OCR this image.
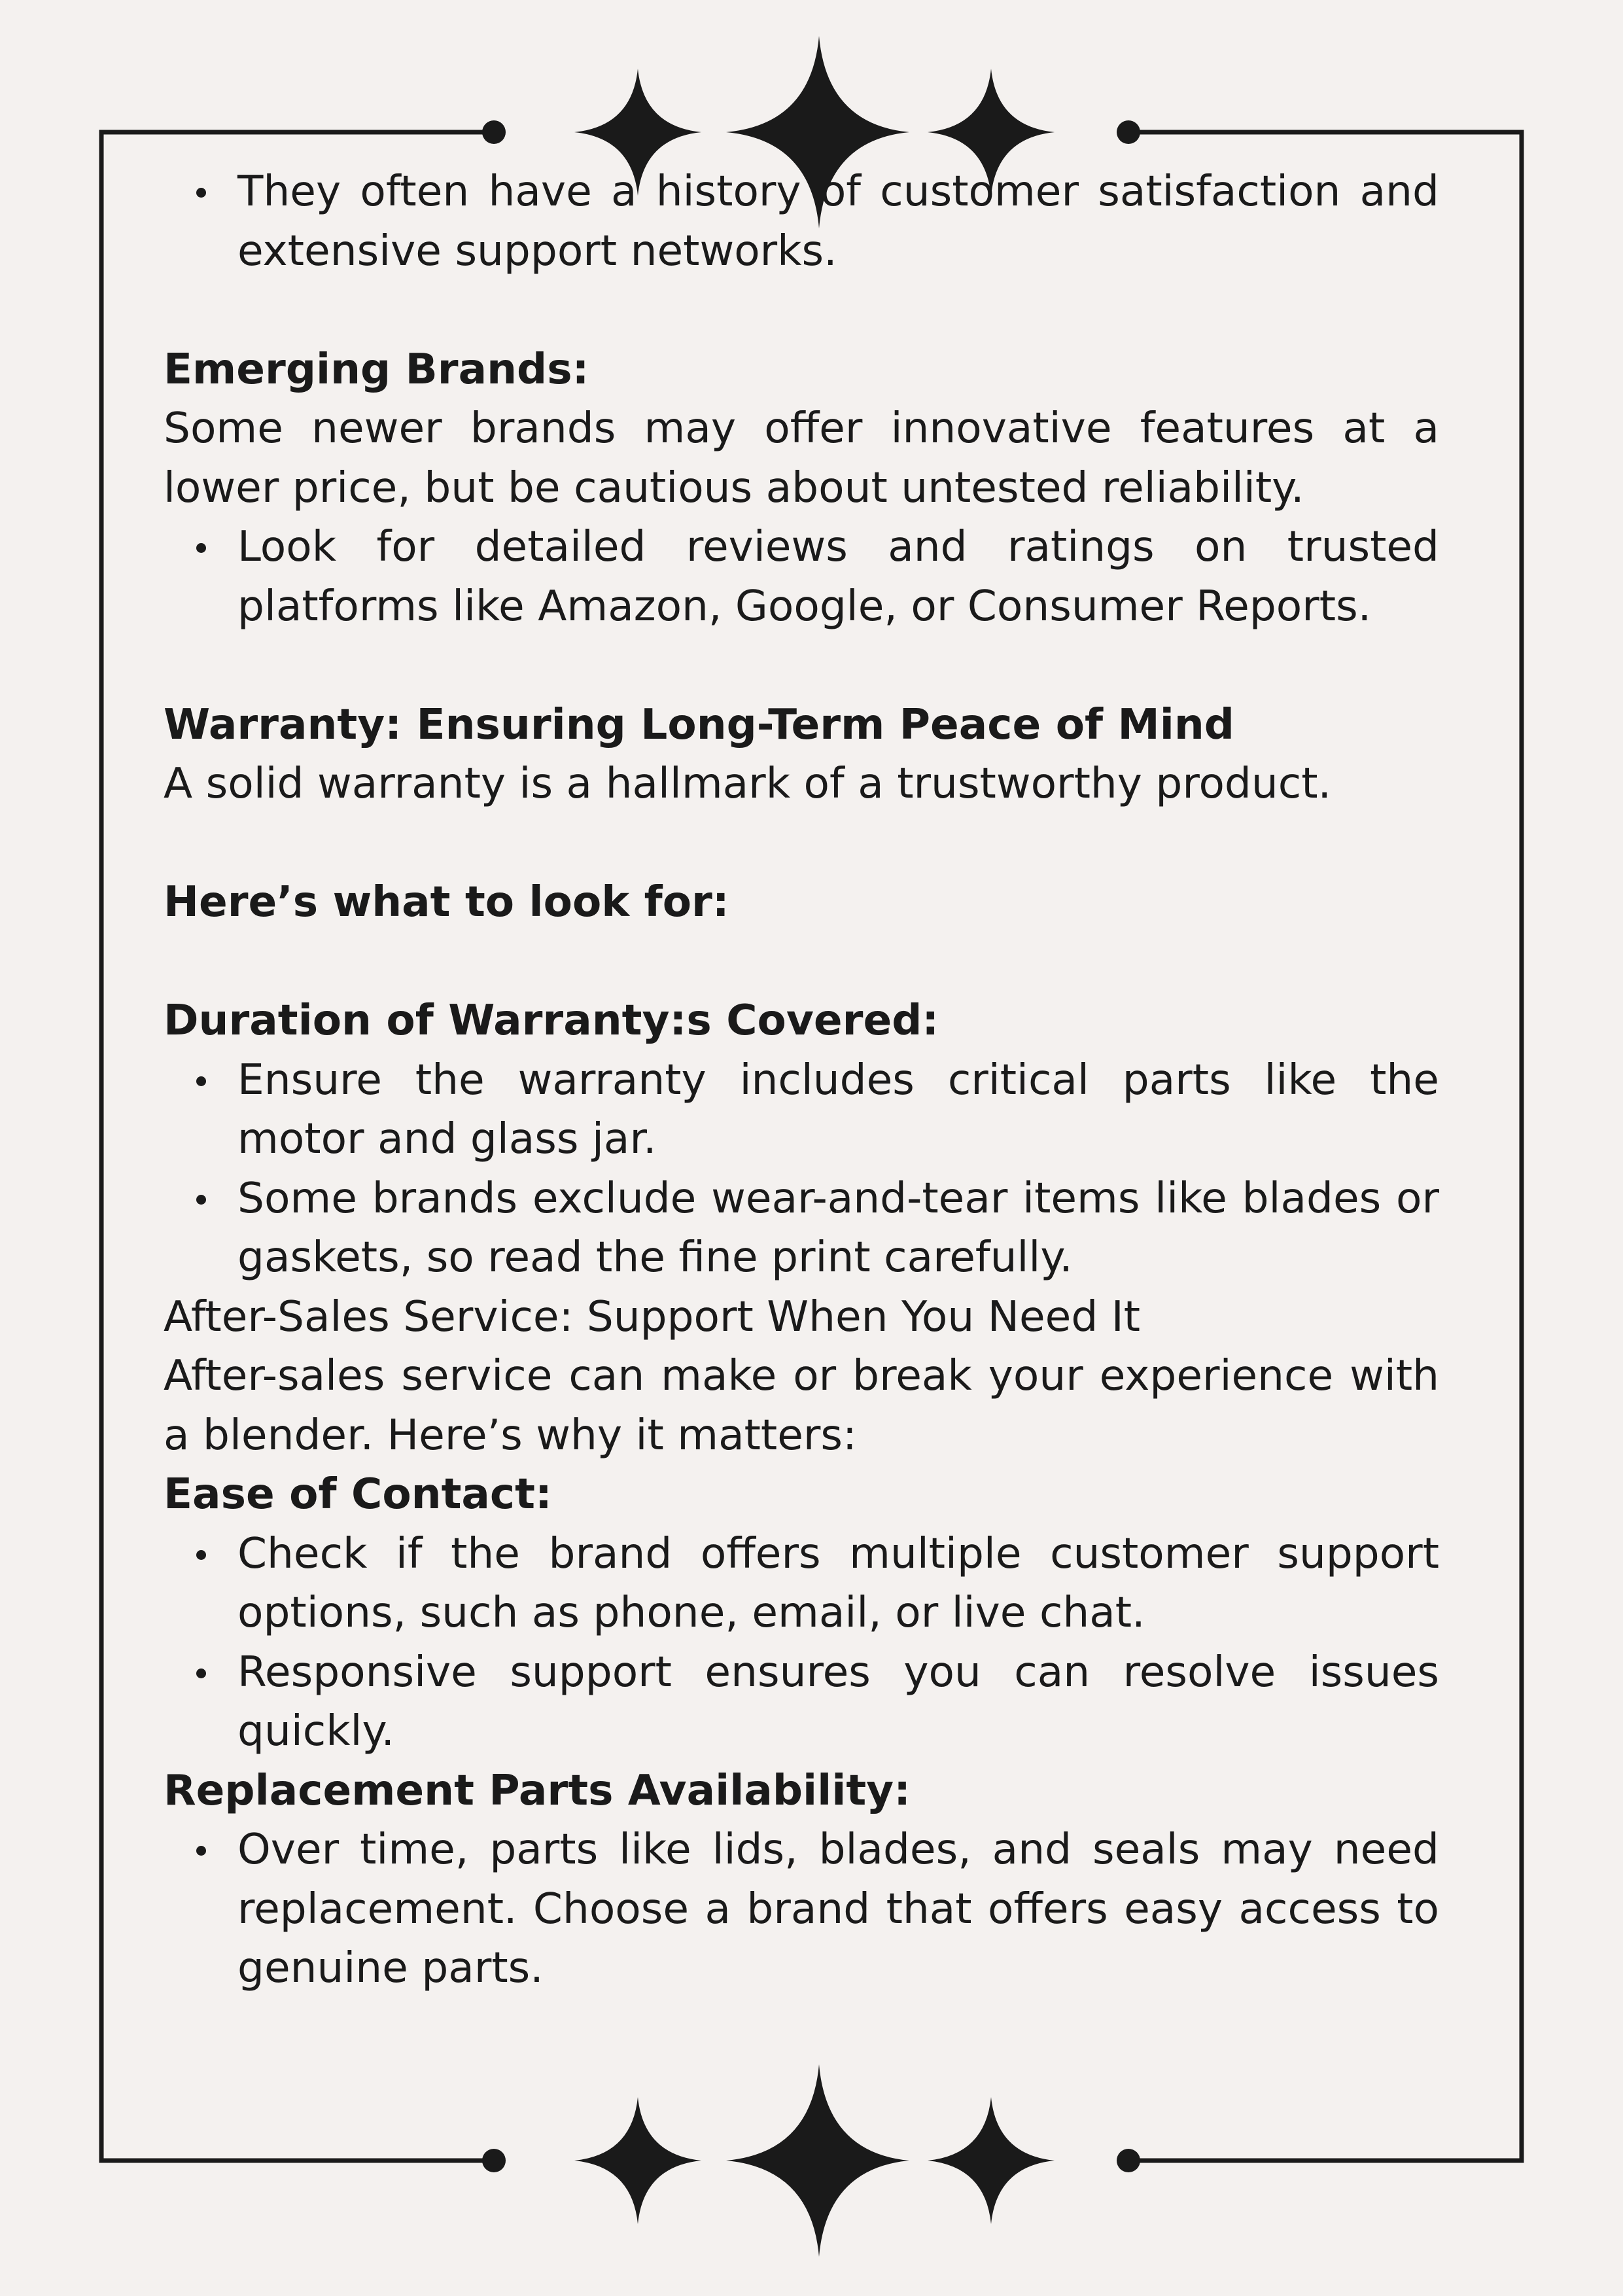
They often have a history of customer satisfaction and extensive support networks.

Emerging Brands:

Some newer brands may offer innovative features at a lower price, but be cautious about untested reliability.

Look for detailed reviews and ratings on trusted platforms like Amazon, Google, or Consumer Reports.

Warranty: Ensuring Long-Term Peace of Mind

A solid warranty is a hallmark of a trustworthy product.

Here’s what to look for:

Duration of Warranty:s Covered:

Ensure the warranty includes critical parts like the motor and glass jar.
Some brands exclude wear-and-tear items like blades or gaskets, so read the fine print carefully.

After-Sales Service: Support When You Need It

After-sales service can make or break your experience with a blender. Here’s why it matters:

Ease of Contact:

Check if the brand offers multiple customer support options, such as phone, email, or live chat.
Responsive support ensures you can resolve issues quickly.

Replacement Parts Availability:

Over time, parts like lids, blades, and seals may need replacement. Choose a brand that offers easy access to genuine parts.
